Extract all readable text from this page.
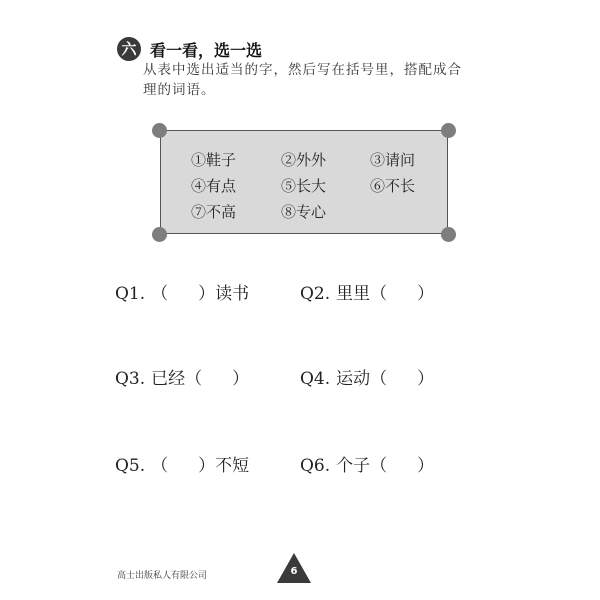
六 看一看，选一选
从表中选出适当的字，然后写在括号里，搭配成合
理的词语。
①鞋子	②外外	③请问
④有点	⑤长大	⑥不长
⑦不高	⑧专心
Q1. （ ）读书	Q2. 里里（ ）
Q3. 已经（ ）	Q4. 运动（ ）
Q5. （ ）不短	Q6. 个子（ ）
高士出版私人有限公司	6
